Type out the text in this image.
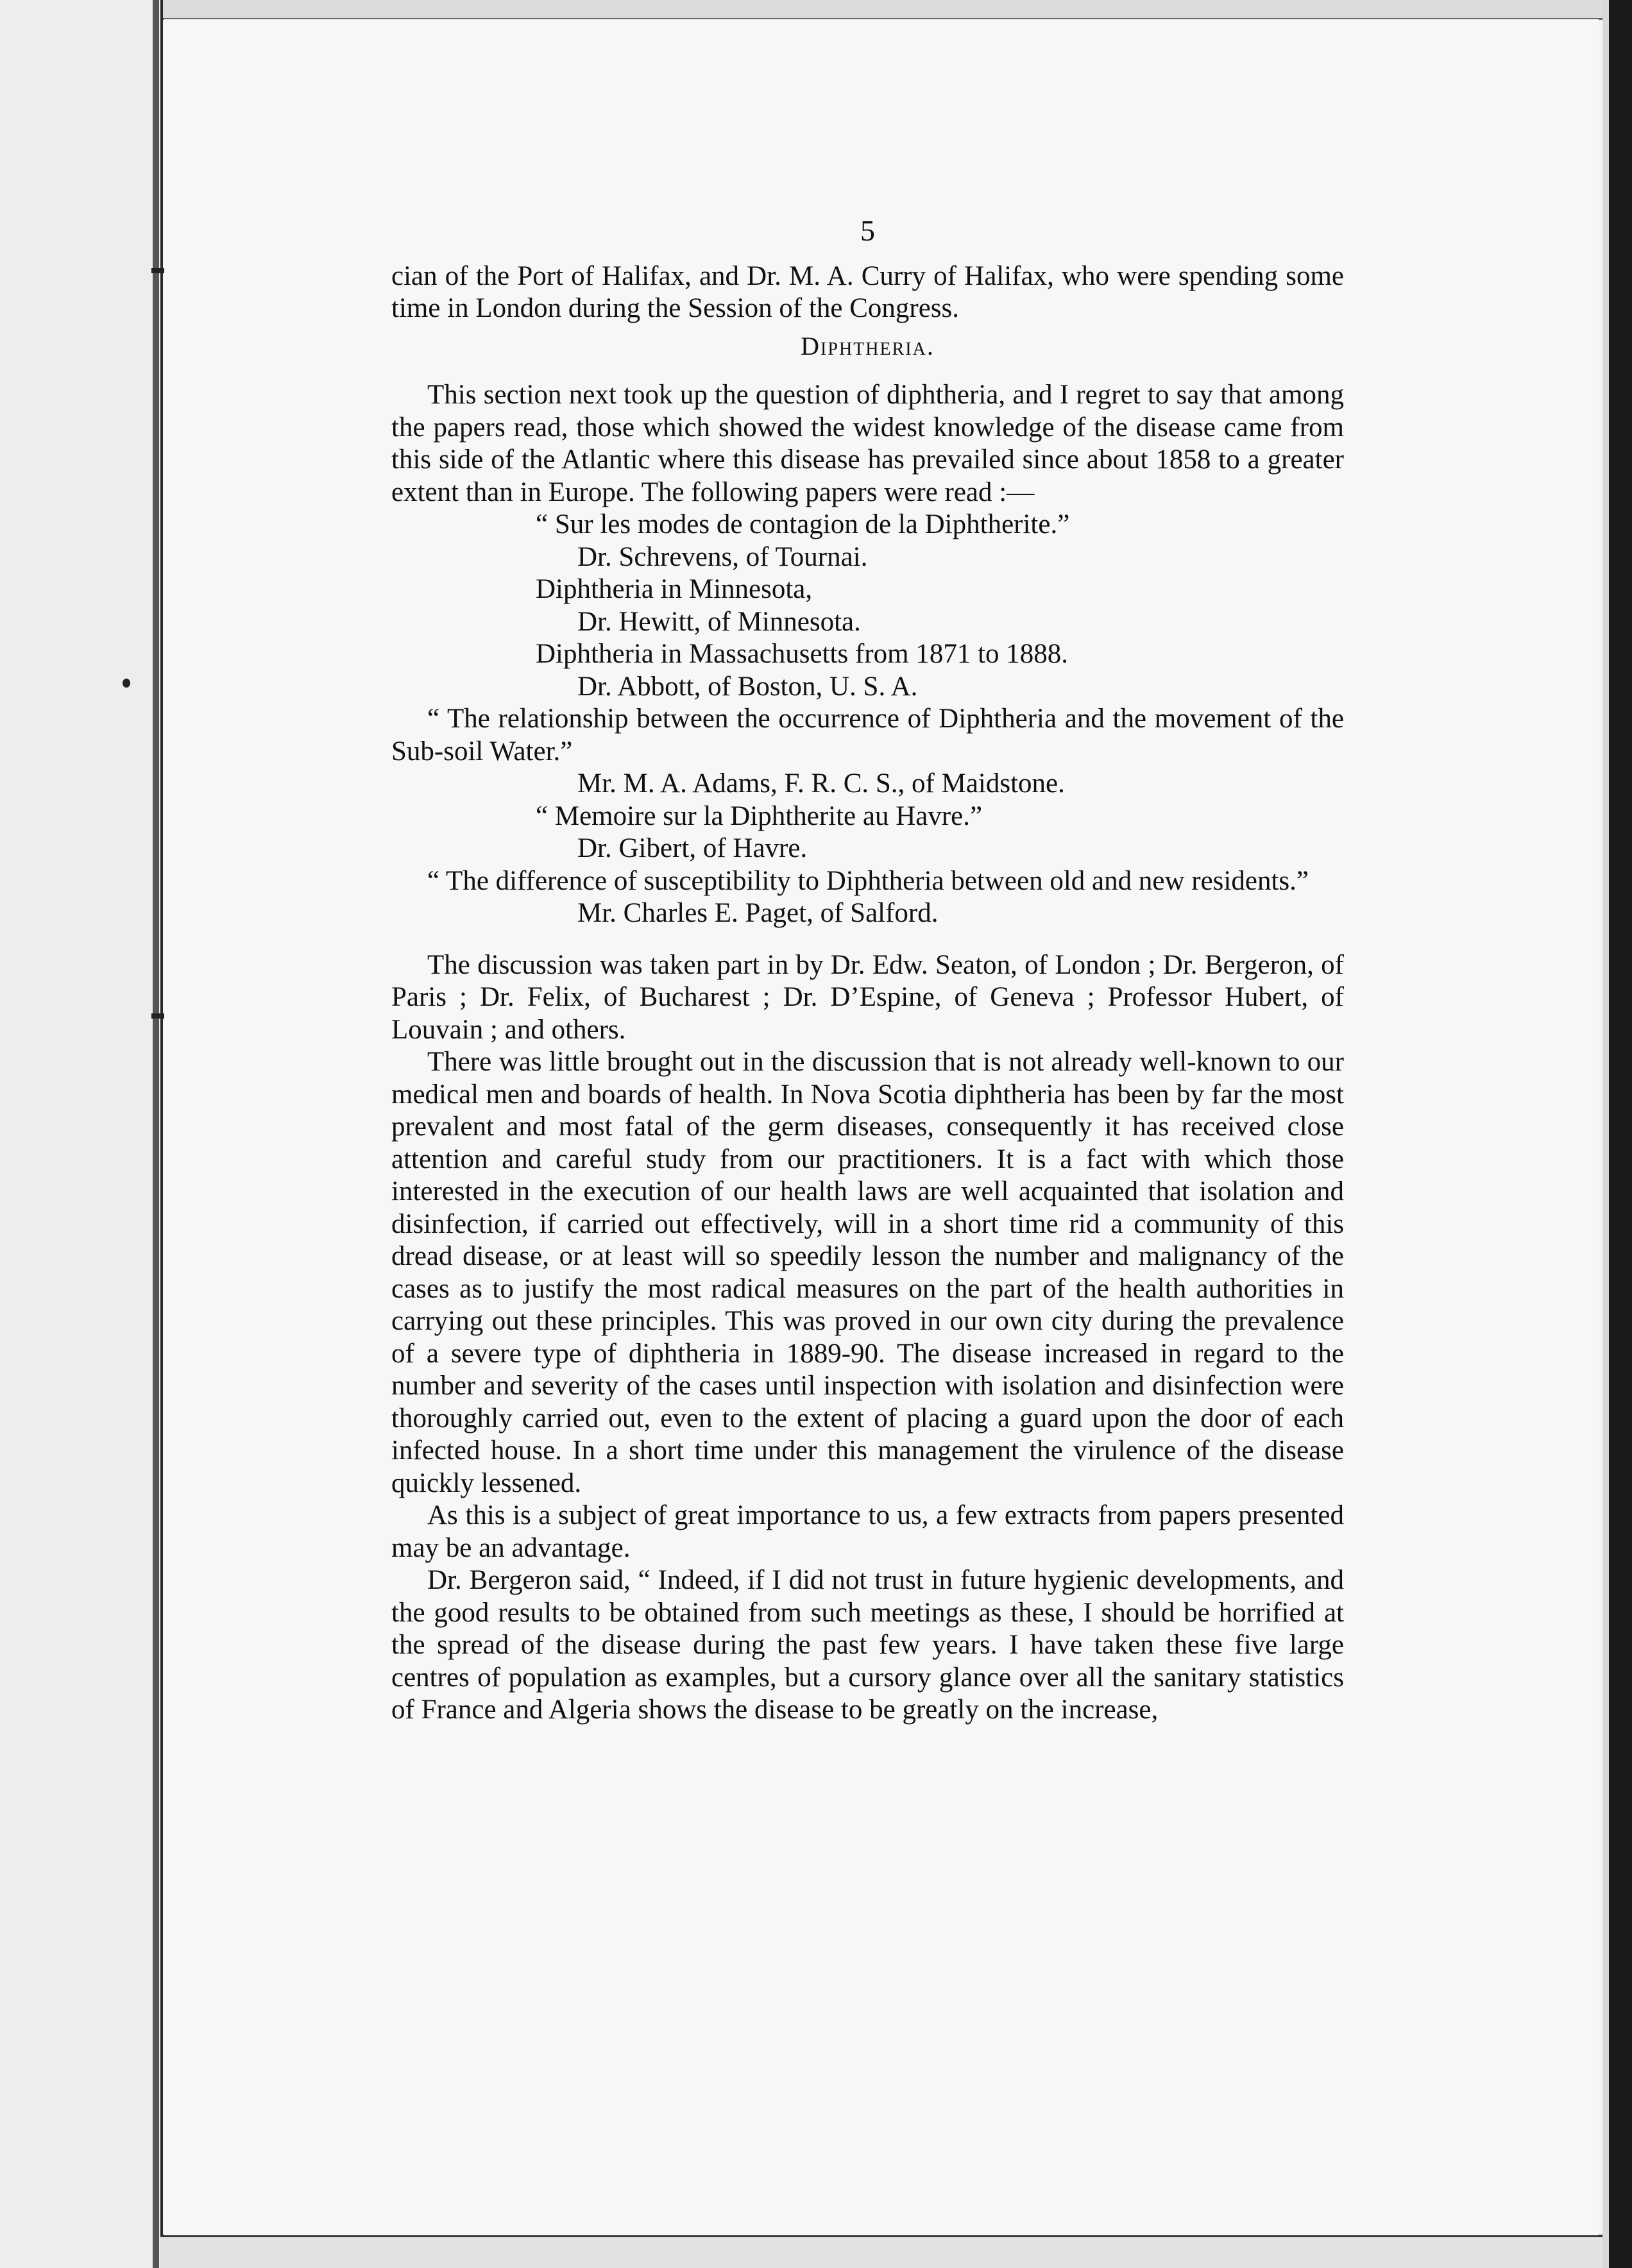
5

cian of the Port of Halifax, and Dr. M. A. Curry of Halifax, who were spending some time in London during the Session of the Congress.

Diphtheria.

This section next took up the question of diphtheria, and I regret to say that among the papers read, those which showed the widest knowledge of the disease came from this side of the Atlantic where this disease has prevailed since about 1858 to a greater extent than in Europe. The following papers were read :—

“ Sur les modes de contagion de la Diphtherite.”

Dr. Schrevens, of Tournai.

Diphtheria in Minnesota,

Dr. Hewitt, of Minnesota.

Diphtheria in Massachusetts from 1871 to 1888.

Dr. Abbott, of Boston, U. S. A.

“ The relationship between the occurrence of Diphtheria and the movement of the Sub-soil Water.”

Mr. M. A. Adams, F. R. C. S., of Maidstone.

“ Memoire sur la Diphtherite au Havre.”

Dr. Gibert, of Havre.

“ The difference of susceptibility to Diphtheria between old and new residents.”

Mr. Charles E. Paget, of Salford.

The discussion was taken part in by Dr. Edw. Seaton, of London ; Dr. Bergeron, of Paris ; Dr. Felix, of Bucharest ; Dr. D’Espine, of Geneva ; Professor Hubert, of Louvain ; and others.

There was little brought out in the discussion that is not already well-known to our medical men and boards of health. In Nova Scotia diphtheria has been by far the most prevalent and most fatal of the germ diseases, consequently it has received close attention and careful study from our practitioners. It is a fact with which those interested in the execution of our health laws are well acquainted that isolation and disinfection, if carried out effectively, will in a short time rid a community of this dread disease, or at least will so speedily lesson the number and malignancy of the cases as to justify the most radical measures on the part of the health authorities in carrying out these principles. This was proved in our own city during the prevalence of a severe type of diphtheria in 1889-90. The disease increased in regard to the number and severity of the cases until inspection with isolation and disinfection were thoroughly carried out, even to the extent of placing a guard upon the door of each infected house. In a short time under this management the virulence of the disease quickly lessened.

As this is a subject of great importance to us, a few extracts from papers presented may be an advantage.

Dr. Bergeron said, “ Indeed, if I did not trust in future hygienic developments, and the good results to be obtained from such meetings as these, I should be horrified at the spread of the disease during the past few years. I have taken these five large centres of population as examples, but a cursory glance over all the sanitary statistics of France and Algeria shows the disease to be greatly on the increase,
